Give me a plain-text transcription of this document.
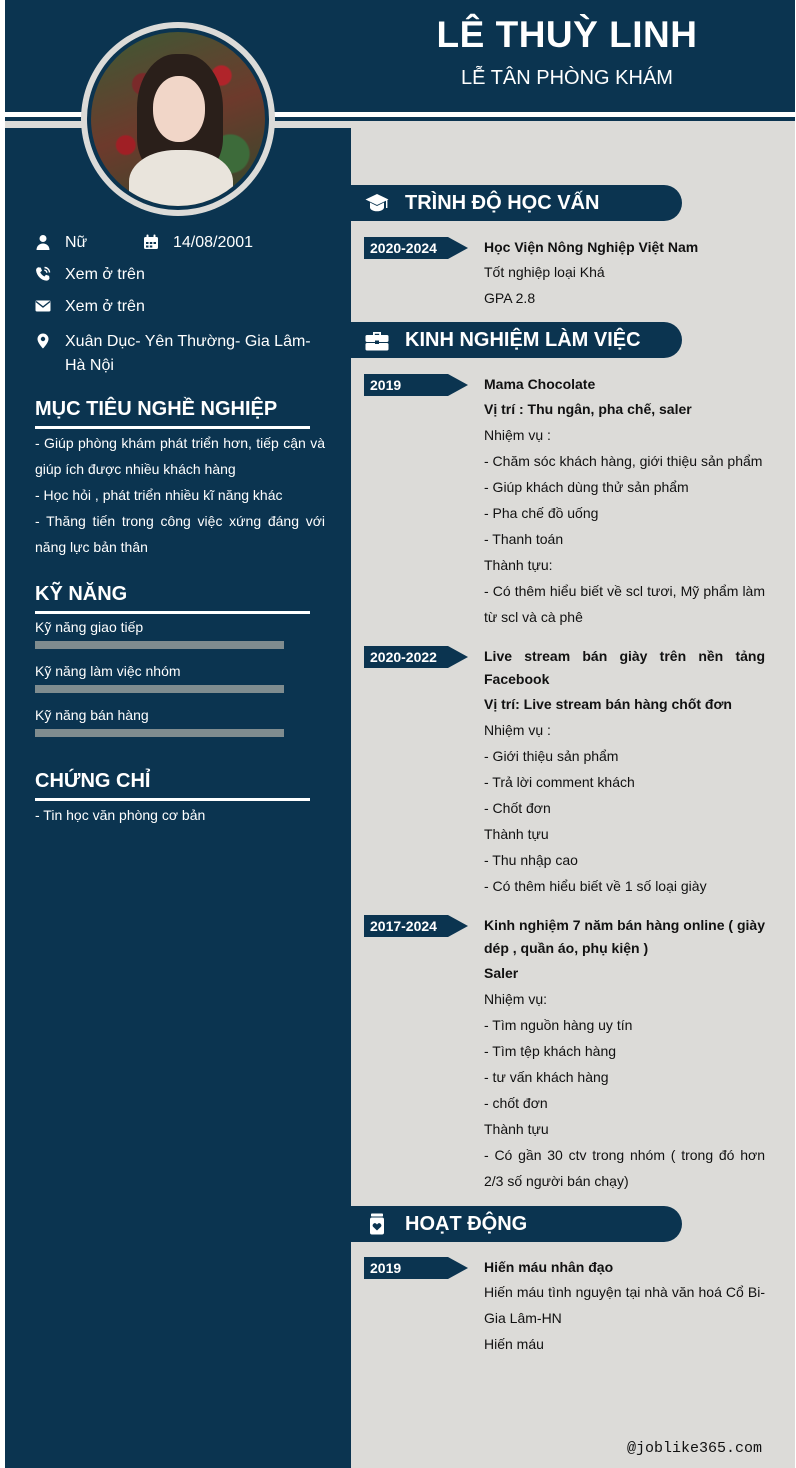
LÊ THUỲ LINH
LỄ TÂN PHÒNG KHÁM
Nữ	14/08/2001
Xem ở trên
Xem ở trên
Xuân Dục- Yên Thường- Gia Lâm- Hà Nội
MỤC TIÊU NGHỀ NGHIỆP
- Giúp phòng khám phát triển hơn, tiếp cận và giúp ích được nhiều khách hàng
- Học hỏi , phát triển nhiều kĩ năng khác
- Thăng tiến trong công việc xứng đáng với năng lực bản thân
KỸ NĂNG
Kỹ năng giao tiếp
Kỹ năng làm việc nhóm
Kỹ năng bán hàng
CHỨNG CHỈ
- Tin học văn phòng cơ bản
TRÌNH ĐỘ HỌC VẤN
2020-2024	Học Viện Nông Nghiệp Việt Nam
Tốt nghiệp loại Khá
GPA 2.8
KINH NGHIỆM LÀM VIỆC
2019	Mama Chocolate
Vị trí : Thu ngân, pha chế, saler
Nhiệm vụ :
- Chăm sóc khách hàng, giới thiệu sản phẩm
- Giúp khách dùng thử sản phẩm
- Pha chế đồ uống
- Thanh toán
Thành tựu:
- Có thêm hiểu biết về scl tươi, Mỹ phẩm làm từ scl và cà phê
2020-2022	Live stream bán giày trên nền tảng Facebook
Vị trí: Live stream bán hàng chốt đơn
Nhiệm vụ :
- Giới thiệu sản phẩm
- Trả lời comment khách
- Chốt đơn
Thành tựu
- Thu nhập cao
- Có thêm hiểu biết về 1 số loại giày
2017-2024	Kinh nghiệm 7 năm bán hàng online ( giày dép , quần áo, phụ kiện )
Saler
Nhiệm vụ:
- Tìm nguồn hàng uy tín
- Tìm tệp khách hàng
- tư vấn khách hàng
- chốt đơn
Thành tựu
- Có gần 30 ctv trong nhóm ( trong đó hơn 2/3 số người bán chạy)
HOẠT ĐỘNG
2019	Hiến máu nhân đạo
Hiến máu tình nguyện tại nhà văn hoá Cổ Bi- Gia Lâm-HN
Hiến máu
@joblike365.com
